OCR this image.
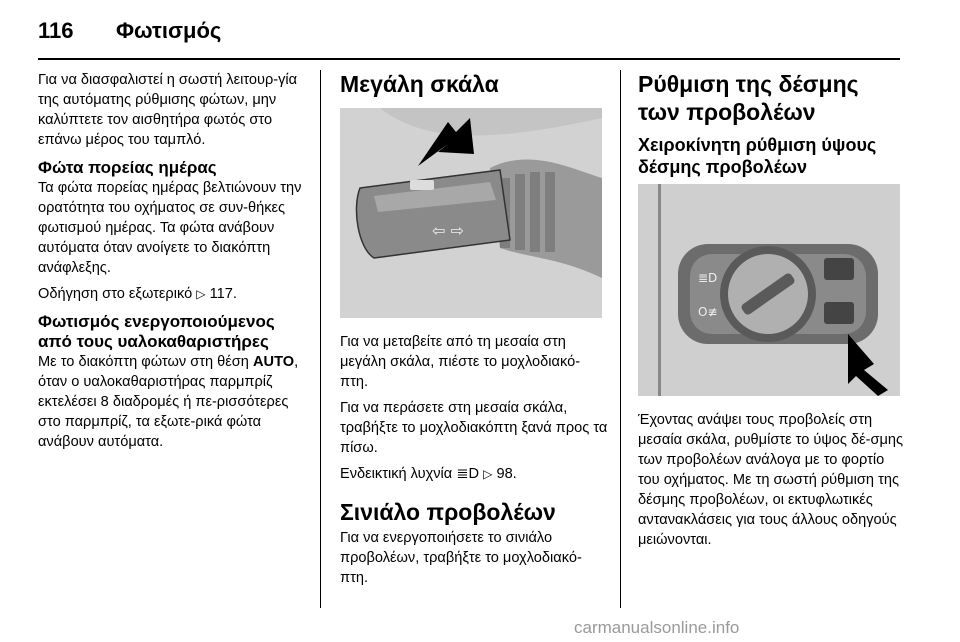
116 Φωτισμός

Για να διασφαλιστεί η σωστή λειτουρ-γία της αυτόματης ρύθμισης φώτων, μην καλύπτετε τον αισθητήρα φωτός στο επάνω μέρος του ταμπλό.

Φώτα πορείας ημέρας

Τα φώτα πορείας ημέρας βελτιώνουν την ορατότητα του οχήματος σε συν-θήκες φωτισμού ημέρας. Τα φώτα ανάβουν αυτόματα όταν ανοίγετε το διακόπτη ανάφλεξης.

Οδήγηση στο εξωτερικό ▷ 117.

Φωτισμός ενεργοποιούμενος από τους υαλοκαθαριστήρες

Με το διακόπτη φώτων στη θέση AUTO, όταν ο υαλοκαθαριστήρας παρμπρίζ εκτελέσει 8 διαδρομές ή πε-ρισσότερες στο παρμπρίζ, τα εξωτε-ρικά φώτα ανάβουν αυτόματα.

Μεγάλη σκάλα
⇦ ⇨

Για να μεταβείτε από τη μεσαία στη μεγάλη σκάλα, πιέστε το μοχλοδιακό-πτη.

Για να περάσετε στη μεσαία σκάλα, τραβήξτε το μοχλοδιακόπτη ξανά προς τα πίσω.

Ενδεικτική λυχνία ≣D ▷ 98.

Σινιάλο προβολέων

Για να ενεργοποιήσετε το σινιάλο προβολέων, τραβήξτε το μοχλοδιακό-πτη.

Ρύθμιση της δέσμης των προβολέων
Χειροκίνητη ρύθμιση ύψους δέσμης προβολέων
≣D
O≢

Έχοντας ανάψει τους προβολείς στη μεσαία σκάλα, ρυθμίστε το ύψος δέ-σμης των προβολέων ανάλογα με το φορτίο του οχήματος. Με τη σωστή ρύθμιση της δέσμης προβολέων, οι εκτυφλωτικές αντανακλάσεις για τους άλλους οδηγούς μειώνονται.

carmanualsonline.info
